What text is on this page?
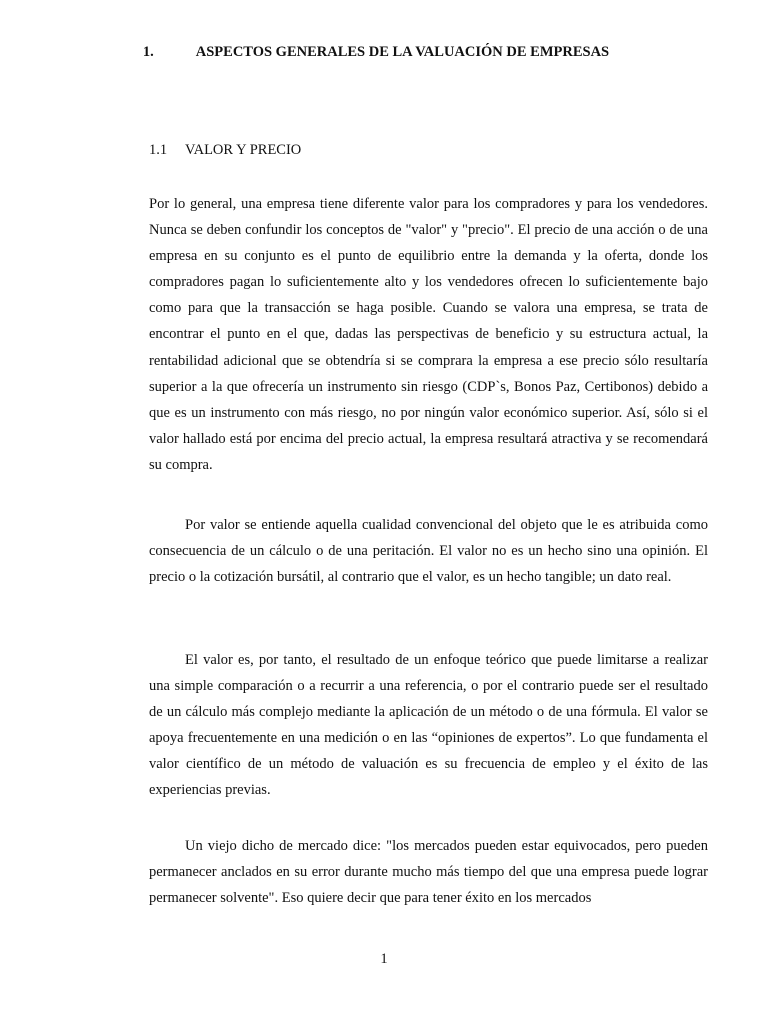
1.	ASPECTOS GENERALES DE LA VALUACIÓN DE EMPRESAS
1.1 VALOR Y PRECIO

Por lo general, una empresa tiene diferente valor para los compradores y para los vendedores. Nunca se deben confundir los conceptos de "valor" y "precio". El precio de una acción o de una empresa en su conjunto es el punto de equilibrio entre la demanda y la oferta, donde los compradores pagan lo suficientemente alto y los vendedores ofrecen lo suficientemente bajo como para que la transacción se haga posible. Cuando se valora una empresa, se trata de encontrar el punto en el que, dadas las perspectivas de beneficio y su estructura actual, la rentabilidad adicional que se obtendría si se comprara la empresa a ese precio sólo resultaría superior a la que ofrecería un instrumento sin riesgo (CDP`s, Bonos Paz, Certibonos) debido a que es un instrumento con más riesgo, no por ningún valor económico superior. Así, sólo si el valor hallado está por encima del precio actual, la empresa resultará atractiva y se recomendará su compra.

Por valor se entiende aquella cualidad convencional del objeto que le es atribuida como consecuencia de un cálculo o de una peritación. El valor no es un hecho sino una opinión. El precio o la cotización bursátil, al contrario que el valor, es un hecho tangible; un dato real.

El valor es, por tanto, el resultado de un enfoque teórico que puede limitarse a realizar una simple comparación o a recurrir a una referencia, o por el contrario puede ser el resultado de un cálculo más complejo mediante la aplicación de un método o de una fórmula. El valor se apoya frecuentemente en una medición o en las “opiniones de expertos”. Lo que fundamenta el valor científico de un método de valuación es su frecuencia de empleo y el éxito de las experiencias previas.

Un viejo dicho de mercado dice: "los mercados pueden estar equivocados, pero pueden permanecer anclados en su error durante mucho más tiempo del que una empresa puede lograr permanecer solvente". Eso quiere decir que para tener éxito en los mercados

1
